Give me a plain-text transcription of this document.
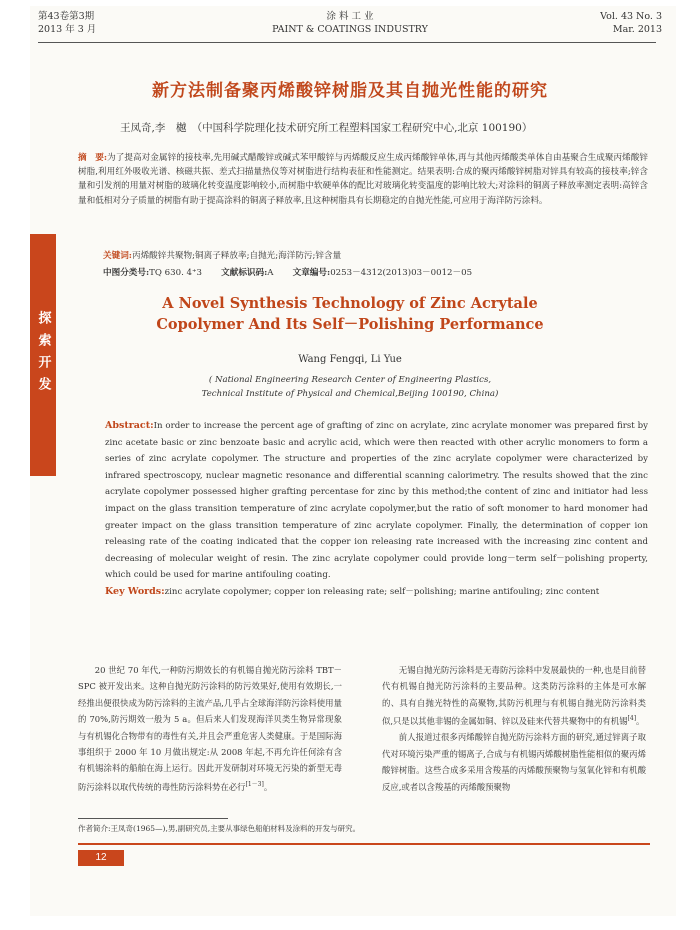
第43卷第3期
2013 年 3 月
涂 料 工 业
PAINT & COATINGS INDUSTRY
Vol. 43 No. 3
Mar. 2013
探索开发
新方法制备聚丙烯酸锌树脂及其自抛光性能的研究
王凤奇,李　樾　（中国科学院理化技术研究所工程塑料国家工程研究中心,北京 100190）
摘　要:为了提高对金属锌的接枝率,先用碱式醋酸锌或碱式苯甲酸锌与丙烯酸反应生成丙烯酸锌单体,再与其他丙烯酸类单体自由基聚合生成聚丙烯酸锌树脂,利用红外吸收光谱、核磁共振、差式扫描量热仪等对树脂进行结构表征和性能测定。结果表明:合成的聚丙烯酸锌树脂对锌具有较高的接枝率;锌含量和引发剂的用量对树脂的玻璃化转变温度影响较小,而树脂中软硬单体的配比对玻璃化转变温度的影响比较大;对涂料的铜离子释放率测定表明:高锌含量和低相对分子质量的树脂有助于提高涂料的铜离子释放率,且这种树脂具有长期稳定的自抛光性能,可应用于海洋防污涂料。
关键词:丙烯酸锌共聚物;铜离子释放率;自抛光;海洋防污;锌含量
中图分类号:TQ 630. 4⁺3 文献标识码:A 文章编号:0253－4312(2013)03－0012－05
A Novel Synthesis Technology of Zinc Acrytale
Copolymer And Its Self－Polishing Performance
Wang Fengqi, Li Yue
( National Engineering Research Center of Engineering Plastics,
Technical Institute of Physical and Chemical,Beijing 100190, China)
Abstract:In order to increase the percent age of grafting of zinc on acrylate, zinc acrylate monomer was prepared first by zinc acetate basic or zinc benzoate basic and acrylic acid, which were then reacted with other acrylic monomers to form a series of zinc acrylate copolymer. The structure and properties of the zinc acrylate copolymer were characterized by infrared spectroscopy, nuclear magnetic resonance and differential scanning calorimetry. The results showed that the zinc acrylate copolymer possessed higher grafting percentase for zinc by this method;the content of zinc and initiator had less impact on the glass transition temperature of zinc acrylate copolymer,but the ratio of soft monomer to hard monomer had greater impact on the glass transition temperature of zinc acrylate copolymer. Finally, the determination of copper ion releasing rate of the coating indicated that the copper ion releasing rate increased with the increasing zinc content and decreasing of molecular weight of resin. The zinc acrylate copolymer could provide long－term self－polishing property, which could be used for marine antifouling coating.
Key Words:zinc acrylate copolymer; copper ion releasing rate; self－polishing; marine antifouling; zinc content

20 世纪 70 年代,一种防污期效长的有机锡自抛光防污涂料 TBT－SPC 被开发出来。这种自抛光防污涂料的防污效果好,使用有效期长,一经推出便很快成为防污涂料的主流产品,几乎占全球海洋防污涂料使用量的 70%,防污期效一般为 5 a。但后来人们发现海洋贝类生物异常现象与有机锡化合物带有的毒性有关,并且会严重危害人类健康。于是国际海事组织于 2000 年 10 月做出规定:从 2008 年起,不再允许任何涂有含有机锡涂料的船舶在海上运行。因此开发研制对环境无污染的新型无毒防污涂料以取代传统的毒性防污涂料势在必行[1－3]。

无锡自抛光防污涂料是无毒防污涂料中发展最快的一种,也是目前替代有机锡自抛光防污涂料的主要品种。这类防污涂料的主体是可水解的、具有自抛光特性的高聚物,其防污机理与有机锡自抛光防污涂料类似,只是以其他非锡的金属如铜、锌以及硅来代替共聚物中的有机锡[4]。

前人报道过很多丙烯酸锌自抛光防污涂料方面的研究,通过锌离子取代对环境污染严重的锡离子,合成与有机锡丙烯酸树脂性能相似的聚丙烯酸锌树脂。这些合成多采用含羧基的丙烯酸预聚物与氢氧化锌和有机酸反应,或者以含羧基的丙烯酸预聚物

作者简介:王凤奇(1965—),男,副研究员,主要从事绿色船舶材料及涂料的开发与研究。
12
